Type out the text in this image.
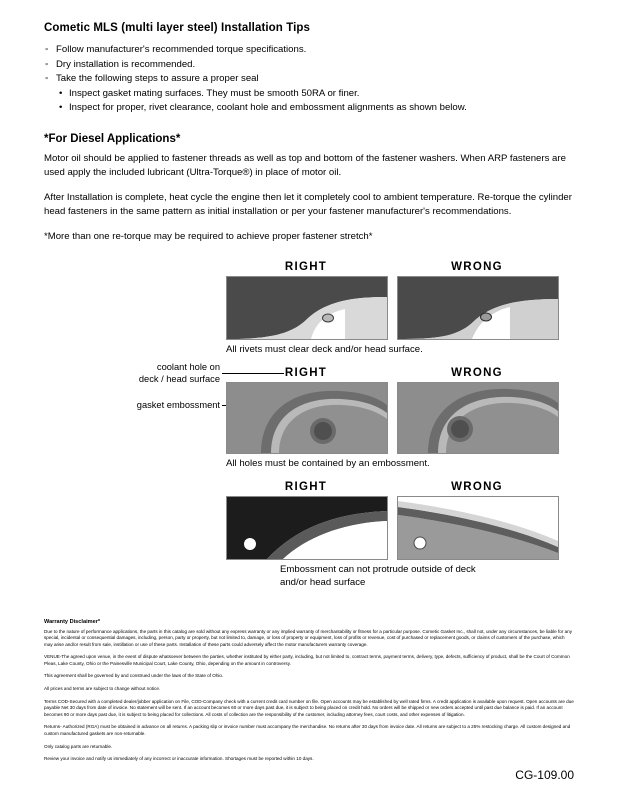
Cometic MLS (multi layer steel) Installation Tips
◦ Follow manufacturer's recommended torque specifications.
◦ Dry installation is recommended.
◦ Take the following steps to assure a proper seal
• Inspect gasket mating surfaces. They must be smooth 50RA or finer.
• Inspect for proper, rivet clearance, coolant hole and embossment alignments as shown below.
*For Diesel Applications*

Motor oil should be applied to fastener threads as well as top and bottom of the fastener washers. When ARP fasteners are used apply the included lubricant (Ultra-Torque®) in place of motor oil.

After Installation is complete, heat cycle the engine then let it completely cool to ambient temperature. Re-torque the cylinder head fasteners in the same pattern as initial installation or per your fastener manufacturer's recommendations.

*More than one re-torque may be required to achieve proper fastener stretch*

coolant hole on
deck / head surface
gasket embossment
RIGHT	WRONG
All rivets must clear deck and/or head surface.
RIGHT	WRONG
All holes must be contained by an embossment.
RIGHT	WRONG
Embossment can not protrude outside of deck
and/or head surface
Warranty Disclaimer*

Due to the nature of performance applications, the parts in this catalog are sold without any express warranty or any implied warranty of merchantability or fitness for a particular purpose. Cometic Gasket Inc., shall not, under any circumstances, be liable for any special, incidental or consequential damages, including, person, party or property, but not limited to, damage, or loss of property or equipment, loss of profits or revenue, cost of purchased or replacement goods, or claims of customers of the purchase, which may arise and/or result from sale, instillation or use of these parts. Installation of these parts could adversely affect the motor manufacturers warranty coverage.

VENUE-The agreed upon venue, in the event of dispute whatsoever between the parties, whether instituted by either party, including, but not limited to, contract terms, payment terms, delivery, type, defects, sufficiency of product, shall be the Court of Common Pleas, Lake County, Ohio or the Painesville Municipal Court, Lake County, Ohio, depending on the amount in controversy.

This agreement shall be governed by and construed under the laws of the State of Ohio.

All prices and terms are subject to change without notice.

Terms COD-Secured with a completed dealer/jobber application on File, COD-Company check with a current credit card number on file. Open accounts may be established by well rated firms. A credit application is available upon request. Open accounts are due payable Net 30 days from date of invoice. No statement will be sent. If an account becomes 60 or more days past due, it is subject to being placed on credit hold. No orders will be shipped or new orders accepted until past due balance is paid. If an account becomes 90 or more days past due, it is subject to being placed for collections. All costs of collection are the responsibility of the customer, including attorney fees, court costs, and other expenses of litigation.

Returns- Authorized (RGA) must be obtained in advance on all returns. A packing slip or invoice number must accompany the merchandise. No returns after 30 days from invoice date. All returns are subject to a 25% restocking charge. All custom designed and custom manufactured gaskets are non-returnable.

Only catalog parts are returnable.

Review your invoice and notify us immediately of any incorrect or inaccurate information. Shortages must be reported within 10 days.

CG-109.00
